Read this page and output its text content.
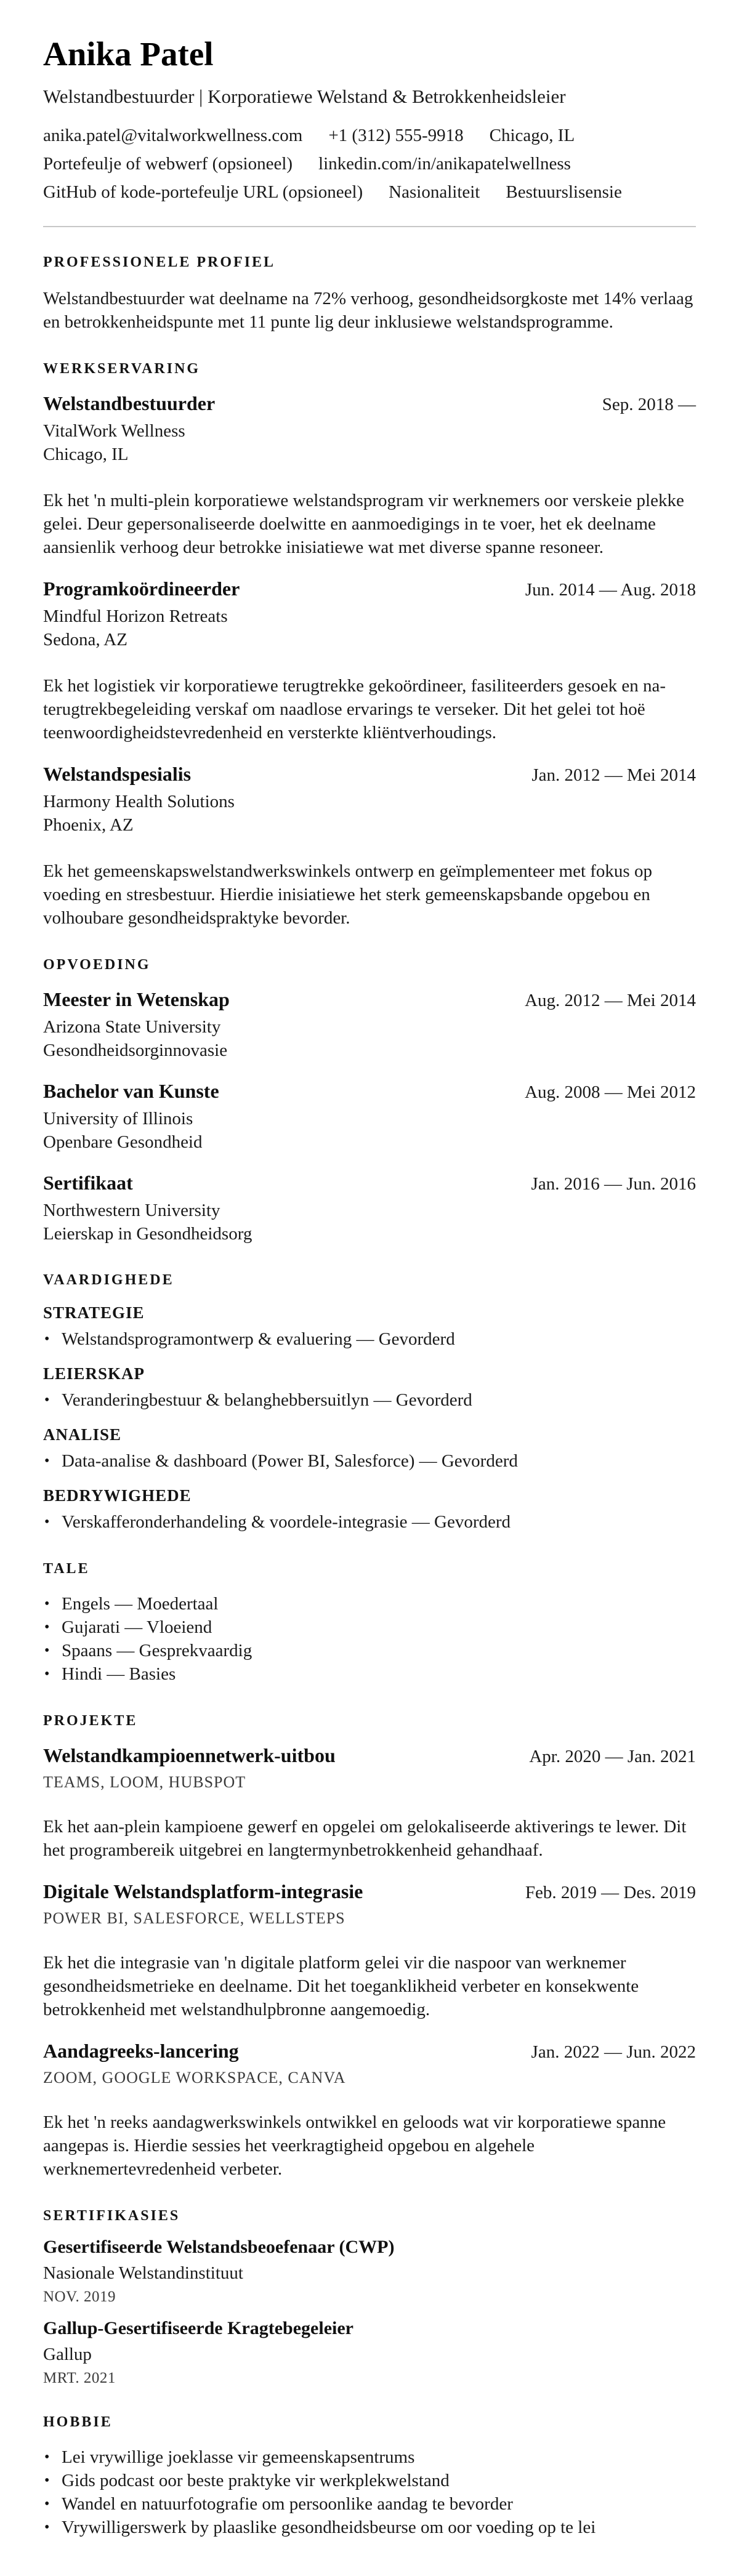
Anika Patel
Welstandbestuurder | Korporatiewe Welstand & Betrokkenheidsleier
anika.patel@vitalworkwellness.com +1 (312) 555-9918 Chicago, IL
Portefeulje of webwerf (opsioneel) linkedin.com/in/anikapatelwellness
GitHub of kode-portefeulje URL (opsioneel) Nasionaliteit Bestuurslisensie
PROFESSIONELE PROFIEL

Welstandbestuurder wat deelname na 72% verhoog, gesondheidsorgkoste met 14% verlaag en betrokkenheidspunte met 11 punte lig deur inklusiewe welstandsprogramme.

WERKSERVARING
Welstandbestuurder	Sep. 2018 —
VitalWork Wellness
Chicago, IL

Ek het 'n multi-plein korporatiewe welstandsprogram vir werknemers oor verskeie plekke gelei. Deur gepersonaliseerde doelwitte en aanmoedigings in te voer, het ek deelname aansienlik verhoog deur betrokke inisiatiewe wat met diverse spanne resoneer.

Programkoördineerder	Jun. 2014 — Aug. 2018
Mindful Horizon Retreats
Sedona, AZ

Ek het logistiek vir korporatiewe terugtrekke gekoördineer, fasiliteerders gesoek en na-terugtrekbegeleiding verskaf om naadlose ervarings te verseker. Dit het gelei tot hoë teenwoordigheidstevredenheid en versterkte kliëntverhoudings.

Welstandspesialis	Jan. 2012 — Mei 2014
Harmony Health Solutions
Phoenix, AZ

Ek het gemeenskapswelstandwerkswinkels ontwerp en geïmplementeer met fokus op voeding en stresbestuur. Hierdie inisiatiewe het sterk gemeenskapsbande opgebou en volhoubare gesondheidspraktyke bevorder.

OPVOEDING
Meester in Wetenskap	Aug. 2012 — Mei 2014
Arizona State University
Gesondheidsorginnovasie
Bachelor van Kunste	Aug. 2008 — Mei 2012
University of Illinois
Openbare Gesondheid
Sertifikaat	Jan. 2016 — Jun. 2016
Northwestern University
Leierskap in Gesondheidsorg
VAARDIGHEDE
STRATEGIE
• Welstandsprogramontwerp & evaluering — Gevorderd
LEIERSKAP
• Veranderingbestuur & belanghebbersuitlyn — Gevorderd
ANALISE
• Data-analise & dashboard (Power BI, Salesforce) — Gevorderd
BEDRYWIGHEDE
• Verskafferonderhandeling & voordele-integrasie — Gevorderd
TALE
• Engels — Moedertaal
• Gujarati — Vloeiend
• Spaans — Gesprekvaardig
• Hindi — Basies
PROJEKTE
Welstandkampioennetwerk-uitbou	Apr. 2020 — Jan. 2021
TEAMS, LOOM, HUBSPOT

Ek het aan-plein kampioene gewerf en opgelei om gelokaliseerde aktiverings te lewer. Dit het programbereik uitgebrei en langtermynbetrokkenheid gehandhaaf.

Digitale Welstandsplatform-integrasie	Feb. 2019 — Des. 2019
POWER BI, SALESFORCE, WELLSTEPS

Ek het die integrasie van 'n digitale platform gelei vir die naspoor van werknemer gesondheidsmetrieke en deelname. Dit het toeganklikheid verbeter en konsekwente betrokkenheid met welstandhulpbronne aangemoedig.

Aandagreeks-lancering	Jan. 2022 — Jun. 2022
ZOOM, GOOGLE WORKSPACE, CANVA

Ek het 'n reeks aandagwerkswinkels ontwikkel en geloods wat vir korporatiewe spanne aangepas is. Hierdie sessies het veerkragtigheid opgebou en algehele werknemertevredenheid verbeter.

SERTIFIKASIES
Gesertifiseerde Welstandsbeoefenaar (CWP)
Nasionale Welstandinstituut
NOV. 2019
Gallup-Gesertifiseerde Kragtebegeleier
Gallup
MRT. 2021
HOBBIE
• Lei vrywillige joeklasse vir gemeenskapsentrums
• Gids podcast oor beste praktyke vir werkplekwelstand
• Wandel en natuurfotografie om persoonlike aandag te bevorder
• Vrywilligerswerk by plaaslike gesondheidsbeurse om oor voeding op te lei
